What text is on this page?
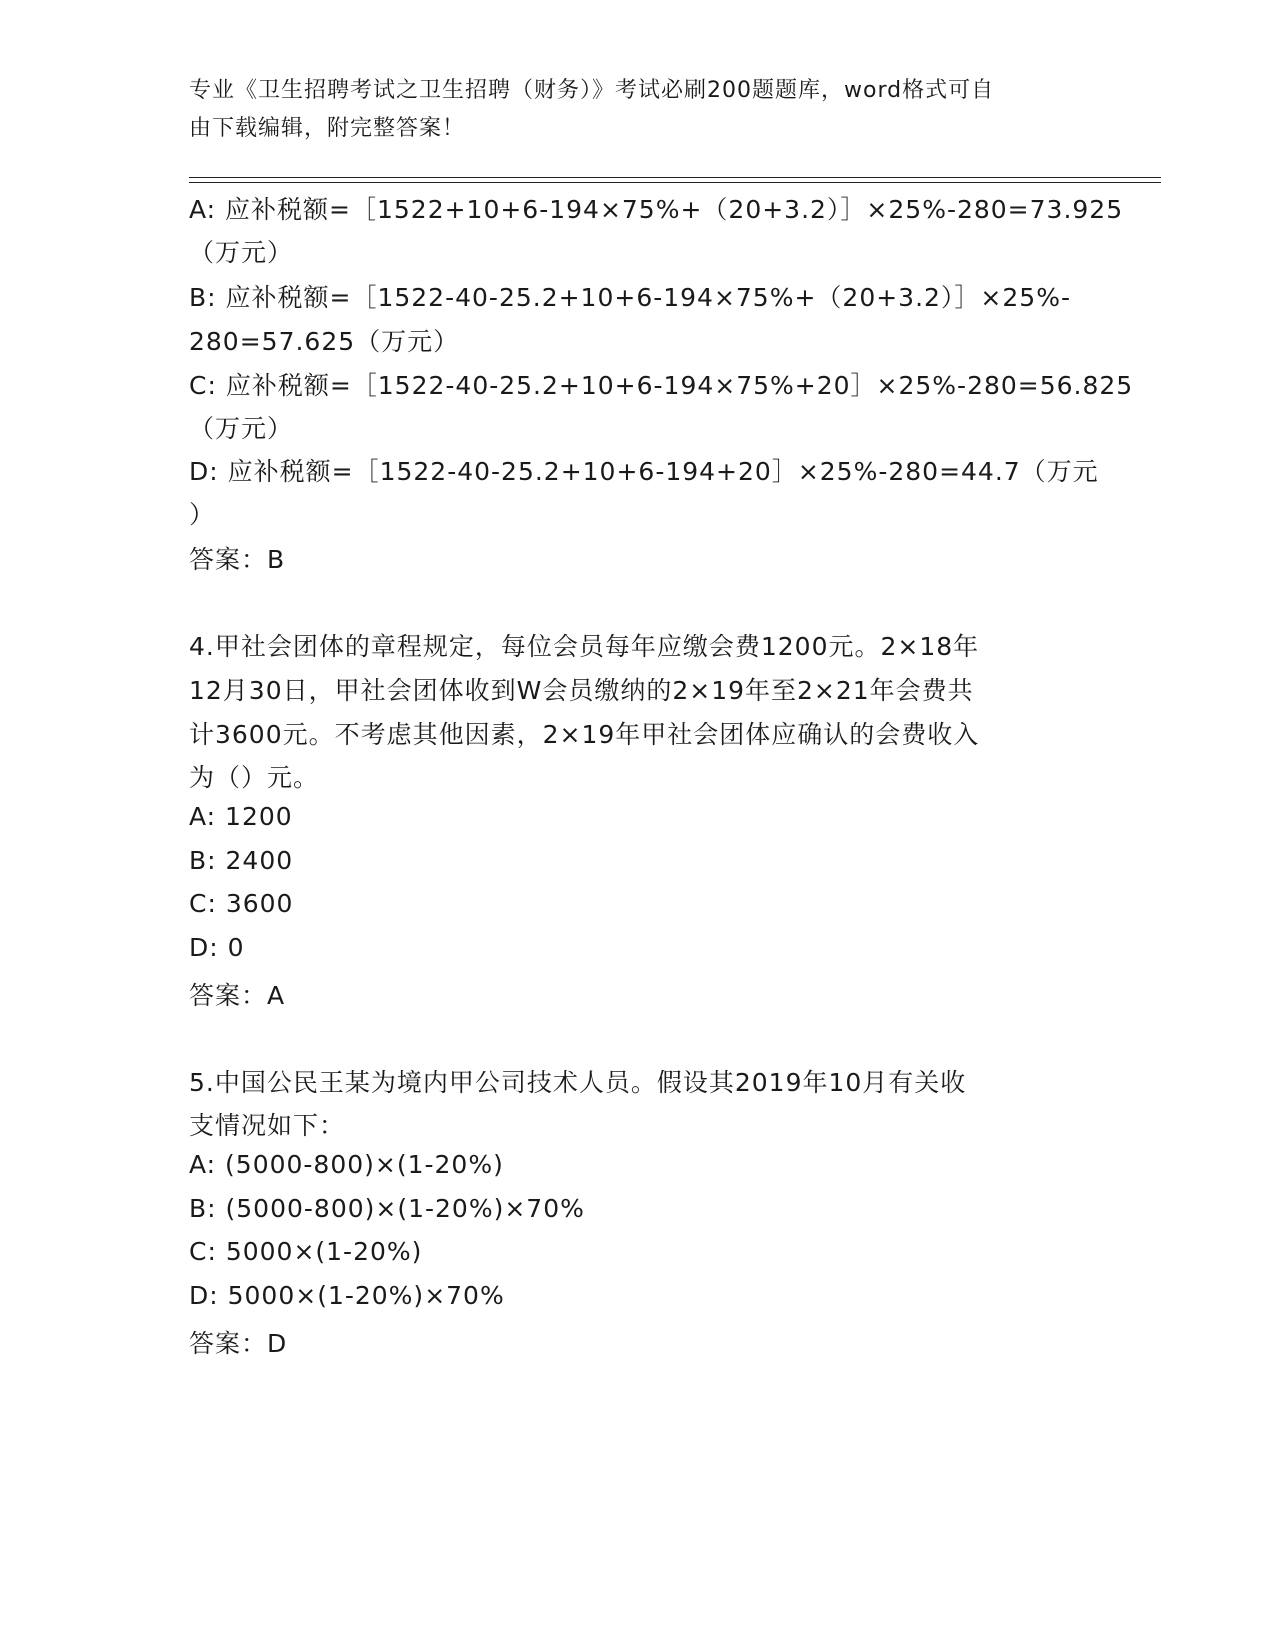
专业《卫生招聘考试之卫生招聘（财务）》考试必刷200题题库，word格式可自
由下载编辑，附完整答案！
A: 应补税额=［1522+10+6-194×75%+（20+3.2）］×25%-280=73.925
（万元）
B: 应补税额=［1522-40-25.2+10+6-194×75%+（20+3.2）］×25%-
280=57.625（万元）
C: 应补税额=［1522-40-25.2+10+6-194×75%+20］×25%-280=56.825
（万元）
D: 应补税额=［1522-40-25.2+10+6-194+20］×25%-280=44.7（万元
）
答案：B
4.甲社会团体的章程规定，每位会员每年应缴会费1200元。2×18年
12月30日，甲社会团体收到W会员缴纳的2×19年至2×21年会费共
计3600元。不考虑其他因素，2×19年甲社会团体应确认的会费收入
为（）元。
A: 1200
B: 2400
C: 3600
D: 0
答案：A
5.中国公民王某为境内甲公司技术人员。假设其2019年10月有关收
支情况如下：
A: (5000-800)×(1-20%)
B: (5000-800)×(1-20%)×70%
C: 5000×(1-20%)
D: 5000×(1-20%)×70%
答案：D
